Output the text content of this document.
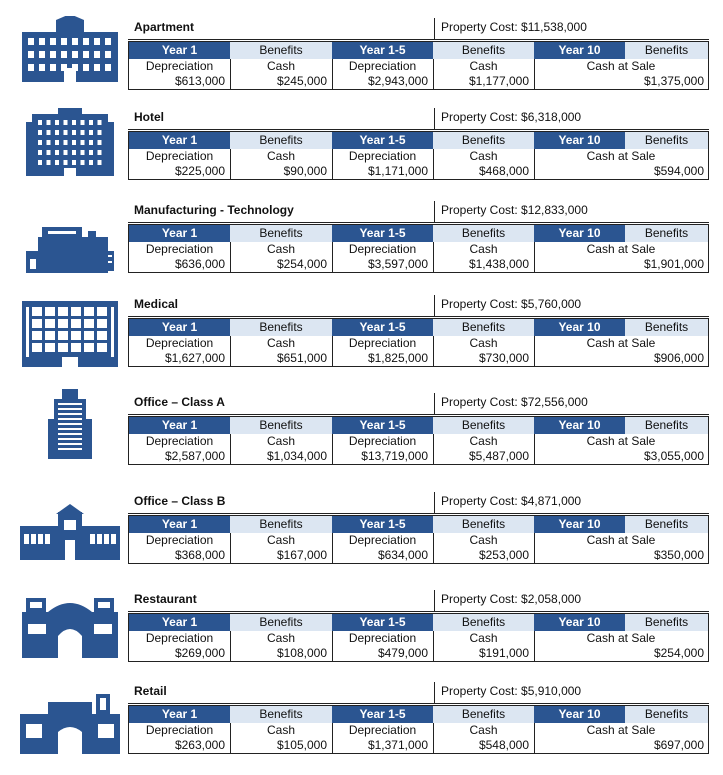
Apartment	Property Cost: $11,538,000
Year 1	Benefits	Year 1-5	Benefits	Year 10	Benefits
Depreciation	Cash	Depreciation	Cash	Cash at Sale
$613,000	$245,000	$2,943,000	$1,177,000	$1,375,000
Hotel	Property Cost: $6,318,000
Year 1	Benefits	Year 1-5	Benefits	Year 10	Benefits
Depreciation	Cash	Depreciation	Cash	Cash at Sale
$225,000	$90,000	$1,171,000	$468,000	$594,000
Manufacturing - Technology	Property Cost: $12,833,000
Year 1	Benefits	Year 1-5	Benefits	Year 10	Benefits
Depreciation	Cash	Depreciation	Cash	Cash at Sale
$636,000	$254,000	$3,597,000	$1,438,000	$1,901,000
Medical	Property Cost: $5,760,000
Year 1	Benefits	Year 1-5	Benefits	Year 10	Benefits
Depreciation	Cash	Depreciation	Cash	Cash at Sale
$1,627,000	$651,000	$1,825,000	$730,000	$906,000
Office – Class A	Property Cost: $72,556,000
Year 1	Benefits	Year 1-5	Benefits	Year 10	Benefits
Depreciation	Cash	Depreciation	Cash	Cash at Sale
$2,587,000	$1,034,000	$13,719,000	$5,487,000	$3,055,000
Office – Class B	Property Cost: $4,871,000
Year 1	Benefits	Year 1-5	Benefits	Year 10	Benefits
Depreciation	Cash	Depreciation	Cash	Cash at Sale
$368,000	$167,000	$634,000	$253,000	$350,000
Restaurant	Property Cost: $2,058,000
Year 1	Benefits	Year 1-5	Benefits	Year 10	Benefits
Depreciation	Cash	Depreciation	Cash	Cash at Sale
$269,000	$108,000	$479,000	$191,000	$254,000
Retail	Property Cost: $5,910,000
Year 1	Benefits	Year 1-5	Benefits	Year 10	Benefits
Depreciation	Cash	Depreciation	Cash	Cash at Sale
$263,000	$105,000	$1,371,000	$548,000	$697,000
